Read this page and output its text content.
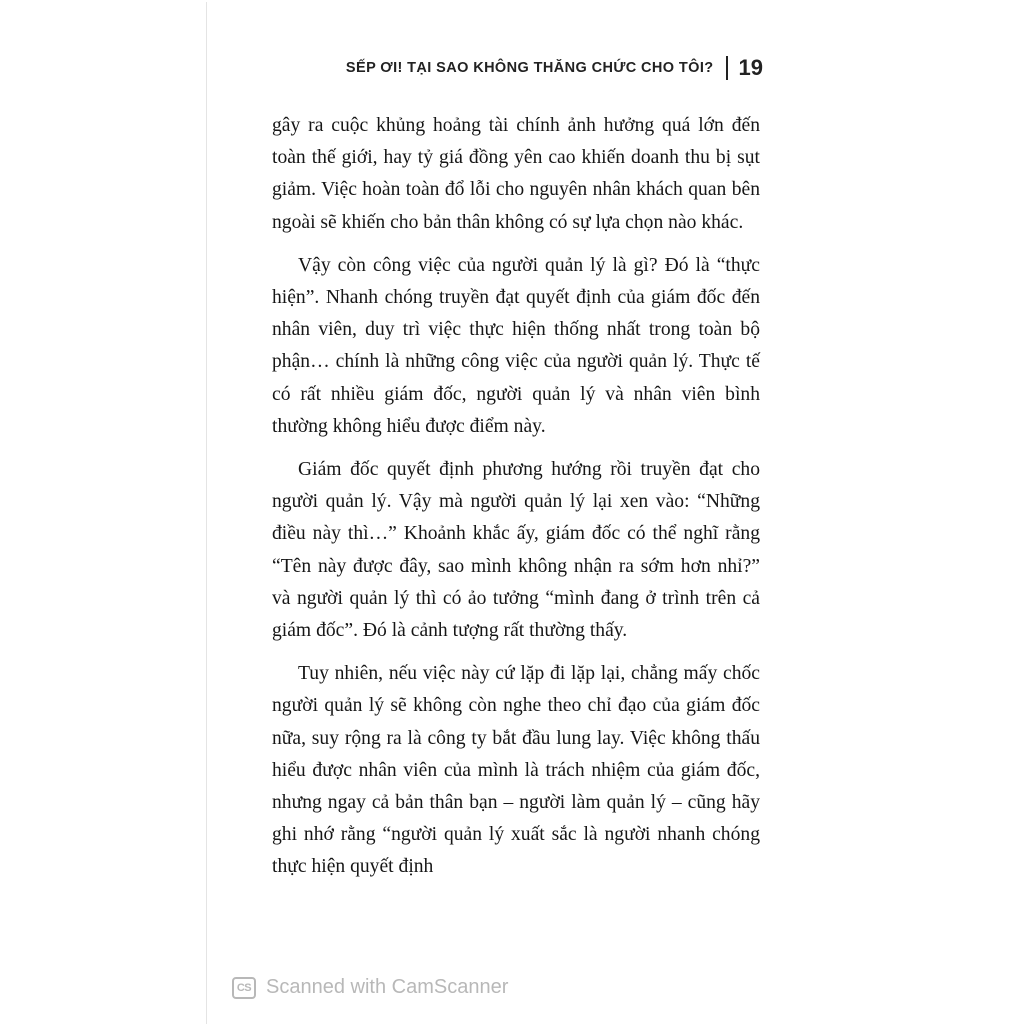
SẾP ƠI! TẠI SAO KHÔNG THĂNG CHỨC CHO TÔI? 19

gây ra cuộc khủng hoảng tài chính ảnh hưởng quá lớn đến toàn thế giới, hay tỷ giá đồng yên cao khiến doanh thu bị sụt giảm. Việc hoàn toàn đổ lỗi cho nguyên nhân khách quan bên ngoài sẽ khiến cho bản thân không có sự lựa chọn nào khác.

Vậy còn công việc của người quản lý là gì? Đó là “thực hiện”. Nhanh chóng truyền đạt quyết định của giám đốc đến nhân viên, duy trì việc thực hiện thống nhất trong toàn bộ phận… chính là những công việc của người quản lý. Thực tế có rất nhiều giám đốc, người quản lý và nhân viên bình thường không hiểu được điểm này.

Giám đốc quyết định phương hướng rồi truyền đạt cho người quản lý. Vậy mà người quản lý lại xen vào: “Những điều này thì…” Khoảnh khắc ấy, giám đốc có thể nghĩ rằng “Tên này được đây, sao mình không nhận ra sớm hơn nhỉ?” và người quản lý thì có ảo tưởng “mình đang ở trình trên cả giám đốc”. Đó là cảnh tượng rất thường thấy.

Tuy nhiên, nếu việc này cứ lặp đi lặp lại, chẳng mấy chốc người quản lý sẽ không còn nghe theo chỉ đạo của giám đốc nữa, suy rộng ra là công ty bắt đầu lung lay. Việc không thấu hiểu được nhân viên của mình là trách nhiệm của giám đốc, nhưng ngay cả bản thân bạn – người làm quản lý – cũng hãy ghi nhớ rằng “người quản lý xuất sắc là người nhanh chóng thực hiện quyết định

CS Scanned with CamScanner
